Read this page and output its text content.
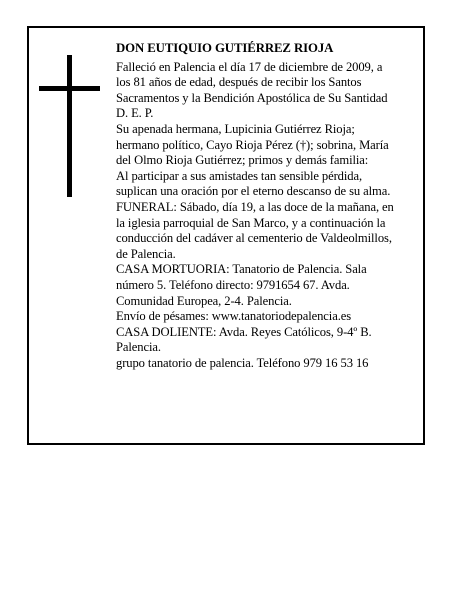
DON EUTIQUIO GUTIÉRREZ RIOJA
Falleció en Palencia el día 17 de diciembre de 2009, a
los 81 años de edad, después de recibir los Santos
Sacramentos y la Bendición Apostólica de Su Santidad
D. E. P.
Su apenada hermana, Lupicinia Gutiérrez Rioja;
hermano político, Cayo Rioja Pérez (†); sobrina, María
del Olmo Rioja Gutiérrez; primos y demás familia:
Al participar a sus amistades tan sensible pérdida,
suplican una oración por el eterno descanso de su alma.
FUNERAL: Sábado, día 19, a las doce de la mañana, en
la iglesia parroquial de San Marco, y a continuación la
conducción del cadáver al cementerio de Valdeolmillos,
de Palencia.
CASA MORTUORIA: Tanatorio de Palencia. Sala
número 5. Teléfono directo: 9791654 67. Avda.
Comunidad Europea, 2-4. Palencia.
Envío de pésames: www.tanatoriodepalencia.es
CASA DOLIENTE: Avda. Reyes Católicos, 9-4º B.
Palencia.
grupo tanatorio de palencia. Teléfono 979 16 53 16
